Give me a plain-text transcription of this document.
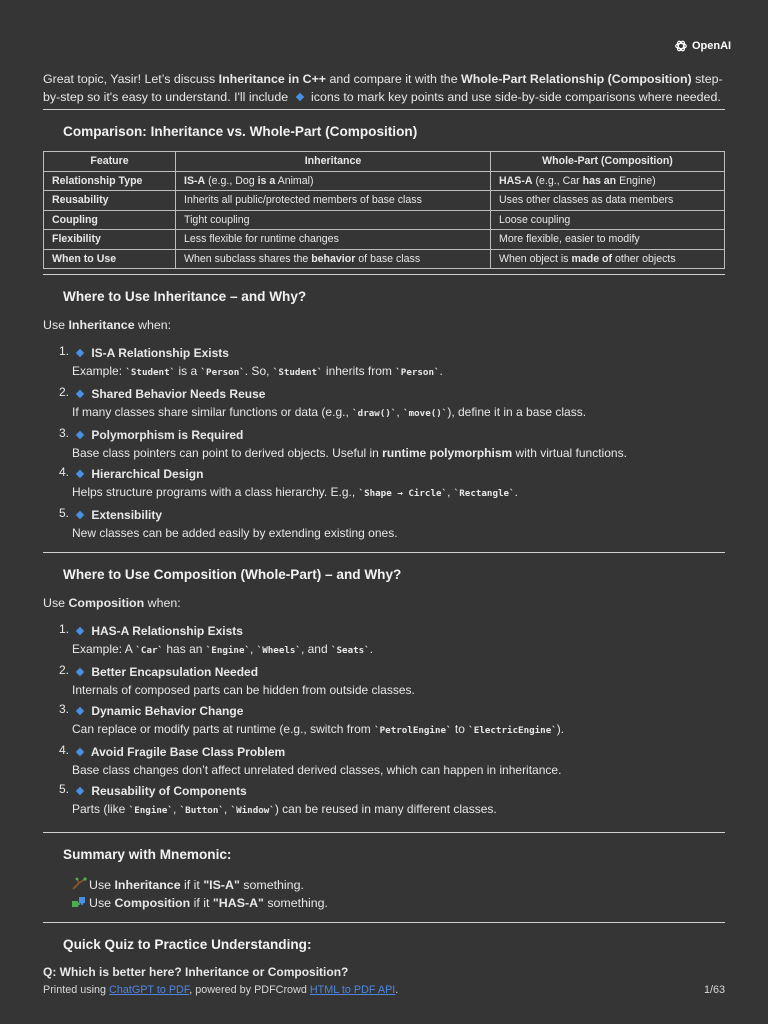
OpenAI

Great topic, Yasir! Let’s discuss Inheritance in C++ and compare it with the Whole-Part Relationship (Composition) step-by-step so it's easy to understand. I'll include  icons to mark key points and use side-by-side comparisons where needed.

Comparison: Inheritance vs. Whole-Part (Composition)
Feature	Inheritance	Whole-Part (Composition)
Relationship Type	IS-A (e.g., Dog is a Animal)	HAS-A (e.g., Car has an Engine)
Reusability	Inherits all public/protected members of base class	Uses other classes as data members
Coupling	Tight coupling	Loose coupling
Flexibility	Less flexible for runtime changes	More flexible, easier to modify
When to Use	When subclass shares the behavior of base class	When object is made of other objects
Where to Use Inheritance – and Why?

Use Inheritance when:

1.	IS-A Relationship Exists
Example: `Student` is a `Person`. So, `Student` inherits from `Person`.
2.	Shared Behavior Needs Reuse
If many classes share similar functions or data (e.g., `draw()`, `move()`), define it in a base class.
3.	Polymorphism is Required
Base class pointers can point to derived objects. Useful in runtime polymorphism with virtual functions.
4.	Hierarchical Design
Helps structure programs with a class hierarchy. E.g., `Shape → Circle`, `Rectangle`.
5.	Extensibility
New classes can be added easily by extending existing ones.
Where to Use Composition (Whole-Part) – and Why?

Use Composition when:

1.	HAS-A Relationship Exists
Example: A `Car` has an `Engine`, `Wheels`, and `Seats`.
2.	Better Encapsulation Needed
Internals of composed parts can be hidden from outside classes.
3.	Dynamic Behavior Change
Can replace or modify parts at runtime (e.g., switch from `PetrolEngine` to `ElectricEngine`).
4.	Avoid Fragile Base Class Problem
Base class changes don’t affect unrelated derived classes, which can happen in inheritance.
5.	Reusability of Components
Parts (like `Engine`, `Button`, `Window`) can be reused in many different classes.
Summary with Mnemonic:
Use Inheritance if it "IS-A" something.
Use Composition if it "HAS-A" something.
Quick Quiz to Practice Understanding:

Q: Which is better here? Inheritance or Composition?

Printed using ChatGPT to PDF, powered by PDFCrowd HTML to PDF API.	1/63
